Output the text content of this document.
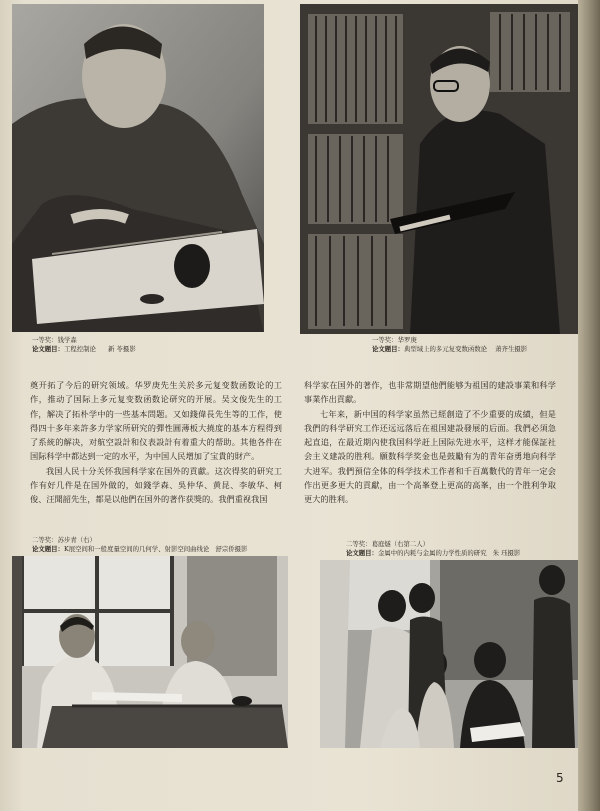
一等奖：钱学森
论文题目：工程控制论 新 苓摄影
一等奖：华罗庚
论文题目：典型域上的多元复变数函数论 萧齐生摄影

奠开拓了今后的研究领域。华罗庚先生关於多元复变数函数论的工作，推动了国际上多元复变数函数论研究的开展。吴文俊先生的工作，解决了拓朴学中的一些基本問题。又如錢偉長先生等的工作，使得四十多年来許多力学家所研究的彈性圓薄板大撓度的基本方程得到了系統的解决，对航空設計和仪表設計有着重大的帮助。其他各件在国际科学中都达到一定的水平，为中国人民增加了宝貴的財产。

我国人民十分关怀我国科学家在国外的貢獻。这次得奖的研究工作有好几件是在国外做的，如錢学森、吳仲华、黄昆、李敏华、柯俊、汪聞韶先生，都是以他們在国外的著作获獎的。我們重视我国

科学家在国外的著作，也非常期望他們能够为祖国的建設事業和科学事業作出貢獻。

七年来，新中国的科学家虽然已經創造了不少重要的成績，但是我們的科学研究工作还远远落后在祖国建設發展的后面。我們必須急起直追，在最近期內使我国科学赶上国际先进水平，这样才能保証社会主义建設的胜利。願数科学奖金也是鼓勵有为的青年奋勇地向科学大进军。我們預信全体的科学技术工作者和千百萬數代的青年一定会作出更多更大的貢獻，由一个高峯登上更高的高峯，由一个胜利争取更大的胜利。

二等奖：苏步青（右）
论文题目：K展空间和一般度量空间的几何学、射影空间曲线论 舒宗侨摄影
二等奖：葛庭燧（右第二人）
论文题目：金属中的内耗与金属的力学性质的研究 朱 珏摄影
5
